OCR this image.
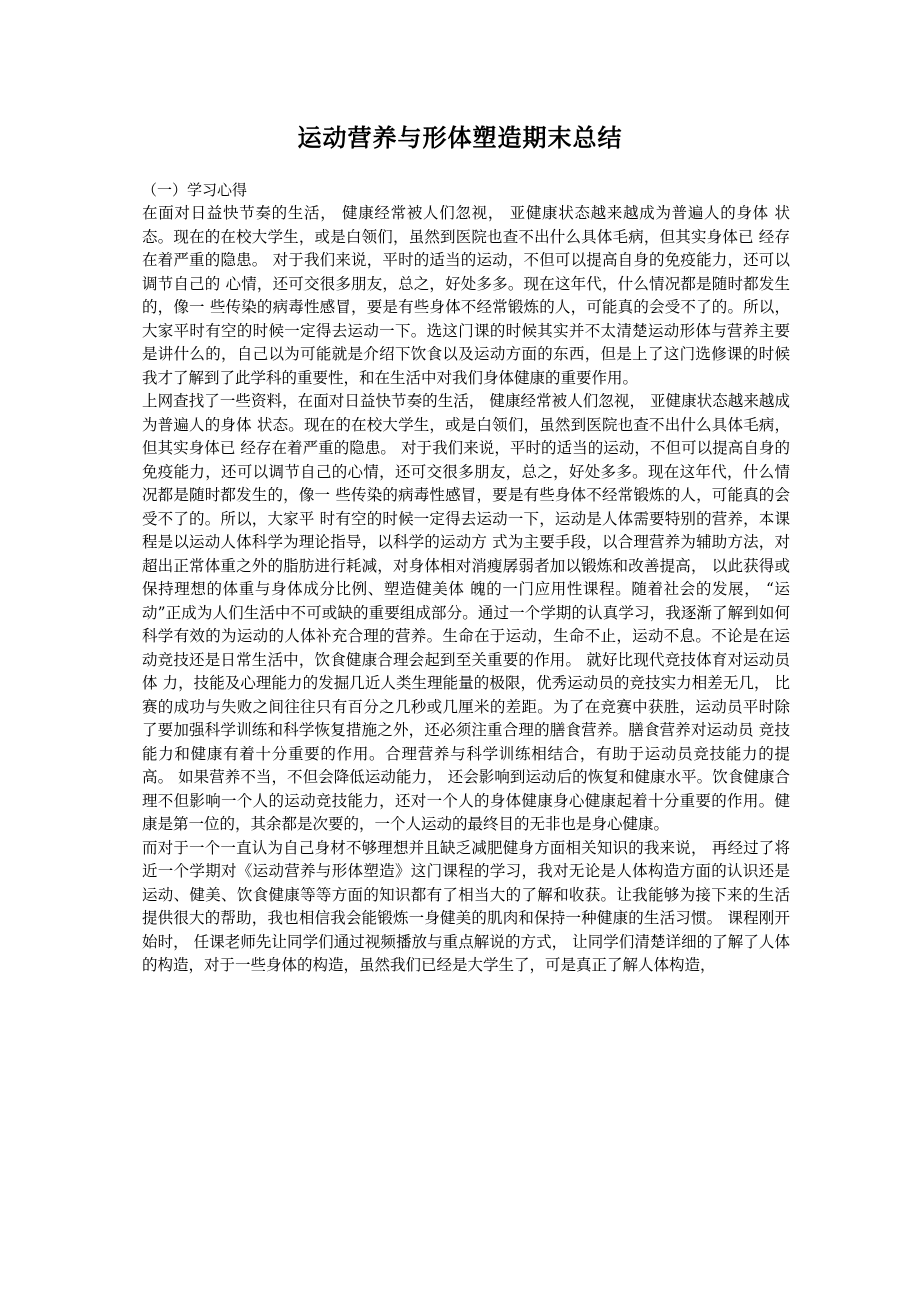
运动营养与形体塑造期末总结
（一）学习心得

在面对日益快节奏的生活， 健康经常被人们忽视， 亚健康状态越来越成为普遍人的身体 状态。现在的在校大学生，或是白领们，虽然到医院也查不出什么具体毛病，但其实身体已 经存在着严重的隐患。 对于我们来说，平时的适当的运动，不但可以提高自身的免疫能力，还可以调节自己的 心情，还可交很多朋友，总之，好处多多。现在这年代，什么情况都是随时都发生的，像一 些传染的病毒性感冒，要是有些身体不经常锻炼的人，可能真的会受不了的。所以，大家平时有空的时候一定得去运动一下。选这门课的时候其实并不太清楚运动形体与营养主要是讲什么的，自己以为可能就是介绍下饮食以及运动方面的东西，但是上了这门选修课的时候我才了解到了此学科的重要性，和在生活中对我们身体健康的重要作用。

上网查找了一些资料，在面对日益快节奏的生活， 健康经常被人们忽视， 亚健康状态越来越成为普遍人的身体 状态。现在的在校大学生，或是白领们，虽然到医院也查不出什么具体毛病，但其实身体已 经存在着严重的隐患。 对于我们来说，平时的适当的运动，不但可以提高自身的免疫能力，还可以调节自己的心情，还可交很多朋友，总之，好处多多。现在这年代，什么情况都是随时都发生的，像一 些传染的病毒性感冒，要是有些身体不经常锻炼的人，可能真的会受不了的。所以，大家平 时有空的时候一定得去运动一下，运动是人体需要特别的营养，本课程是以运动人体科学为理论指导，以科学的运动方 式为主要手段，以合理营养为辅助方法，对超出正常体重之外的脂肪进行耗减，对身体相对消瘦孱弱者加以锻炼和改善提高， 以此获得或保持理想的体重与身体成分比例、塑造健美体 魄的一门应用性课程。随着社会的发展， “运动”正成为人们生活中不可或缺的重要组成部分。通过一个学期的认真学习，我逐渐了解到如何科学有效的为运动的人体补充合理的营养。生命在于运动，生命不止，运动不息。不论是在运动竞技还是日常生活中，饮食健康合理会起到至关重要的作用。 就好比现代竞技体育对运动员体 力，技能及心理能力的发掘几近人类生理能量的极限，优秀运动员的竞技实力相差无几， 比赛的成功与失败之间往往只有百分之几秒或几厘米的差距。为了在竞赛中获胜，运动员平时除了要加强科学训练和科学恢复措施之外，还必须注重合理的膳食营养。膳食营养对运动员 竞技能力和健康有着十分重要的作用。合理营养与科学训练相结合，有助于运动员竞技能力的提高。 如果营养不当，不但会降低运动能力， 还会影响到运动后的恢复和健康水平。饮食健康合理不但影响一个人的运动竞技能力，还对一个人的身体健康身心健康起着十分重要的作用。健康是第一位的，其余都是次要的，一个人运动的最终目的无非也是身心健康。

而对于一个一直认为自己身材不够理想并且缺乏减肥健身方面相关知识的我来说， 再经过了将近一个学期对《运动营养与形体塑造》这门课程的学习，我对无论是人体构造方面的认识还是运动、健美、饮食健康等等方面的知识都有了相当大的了解和收获。让我能够为接下来的生活提供很大的帮助，我也相信我会能锻炼一身健美的肌肉和保持一种健康的生活习惯。 课程刚开始时， 任课老师先让同学们通过视频播放与重点解说的方式， 让同学们清楚详细的了解了人体的构造，对于一些身体的构造，虽然我们已经是大学生了，可是真正了解人体构造，
